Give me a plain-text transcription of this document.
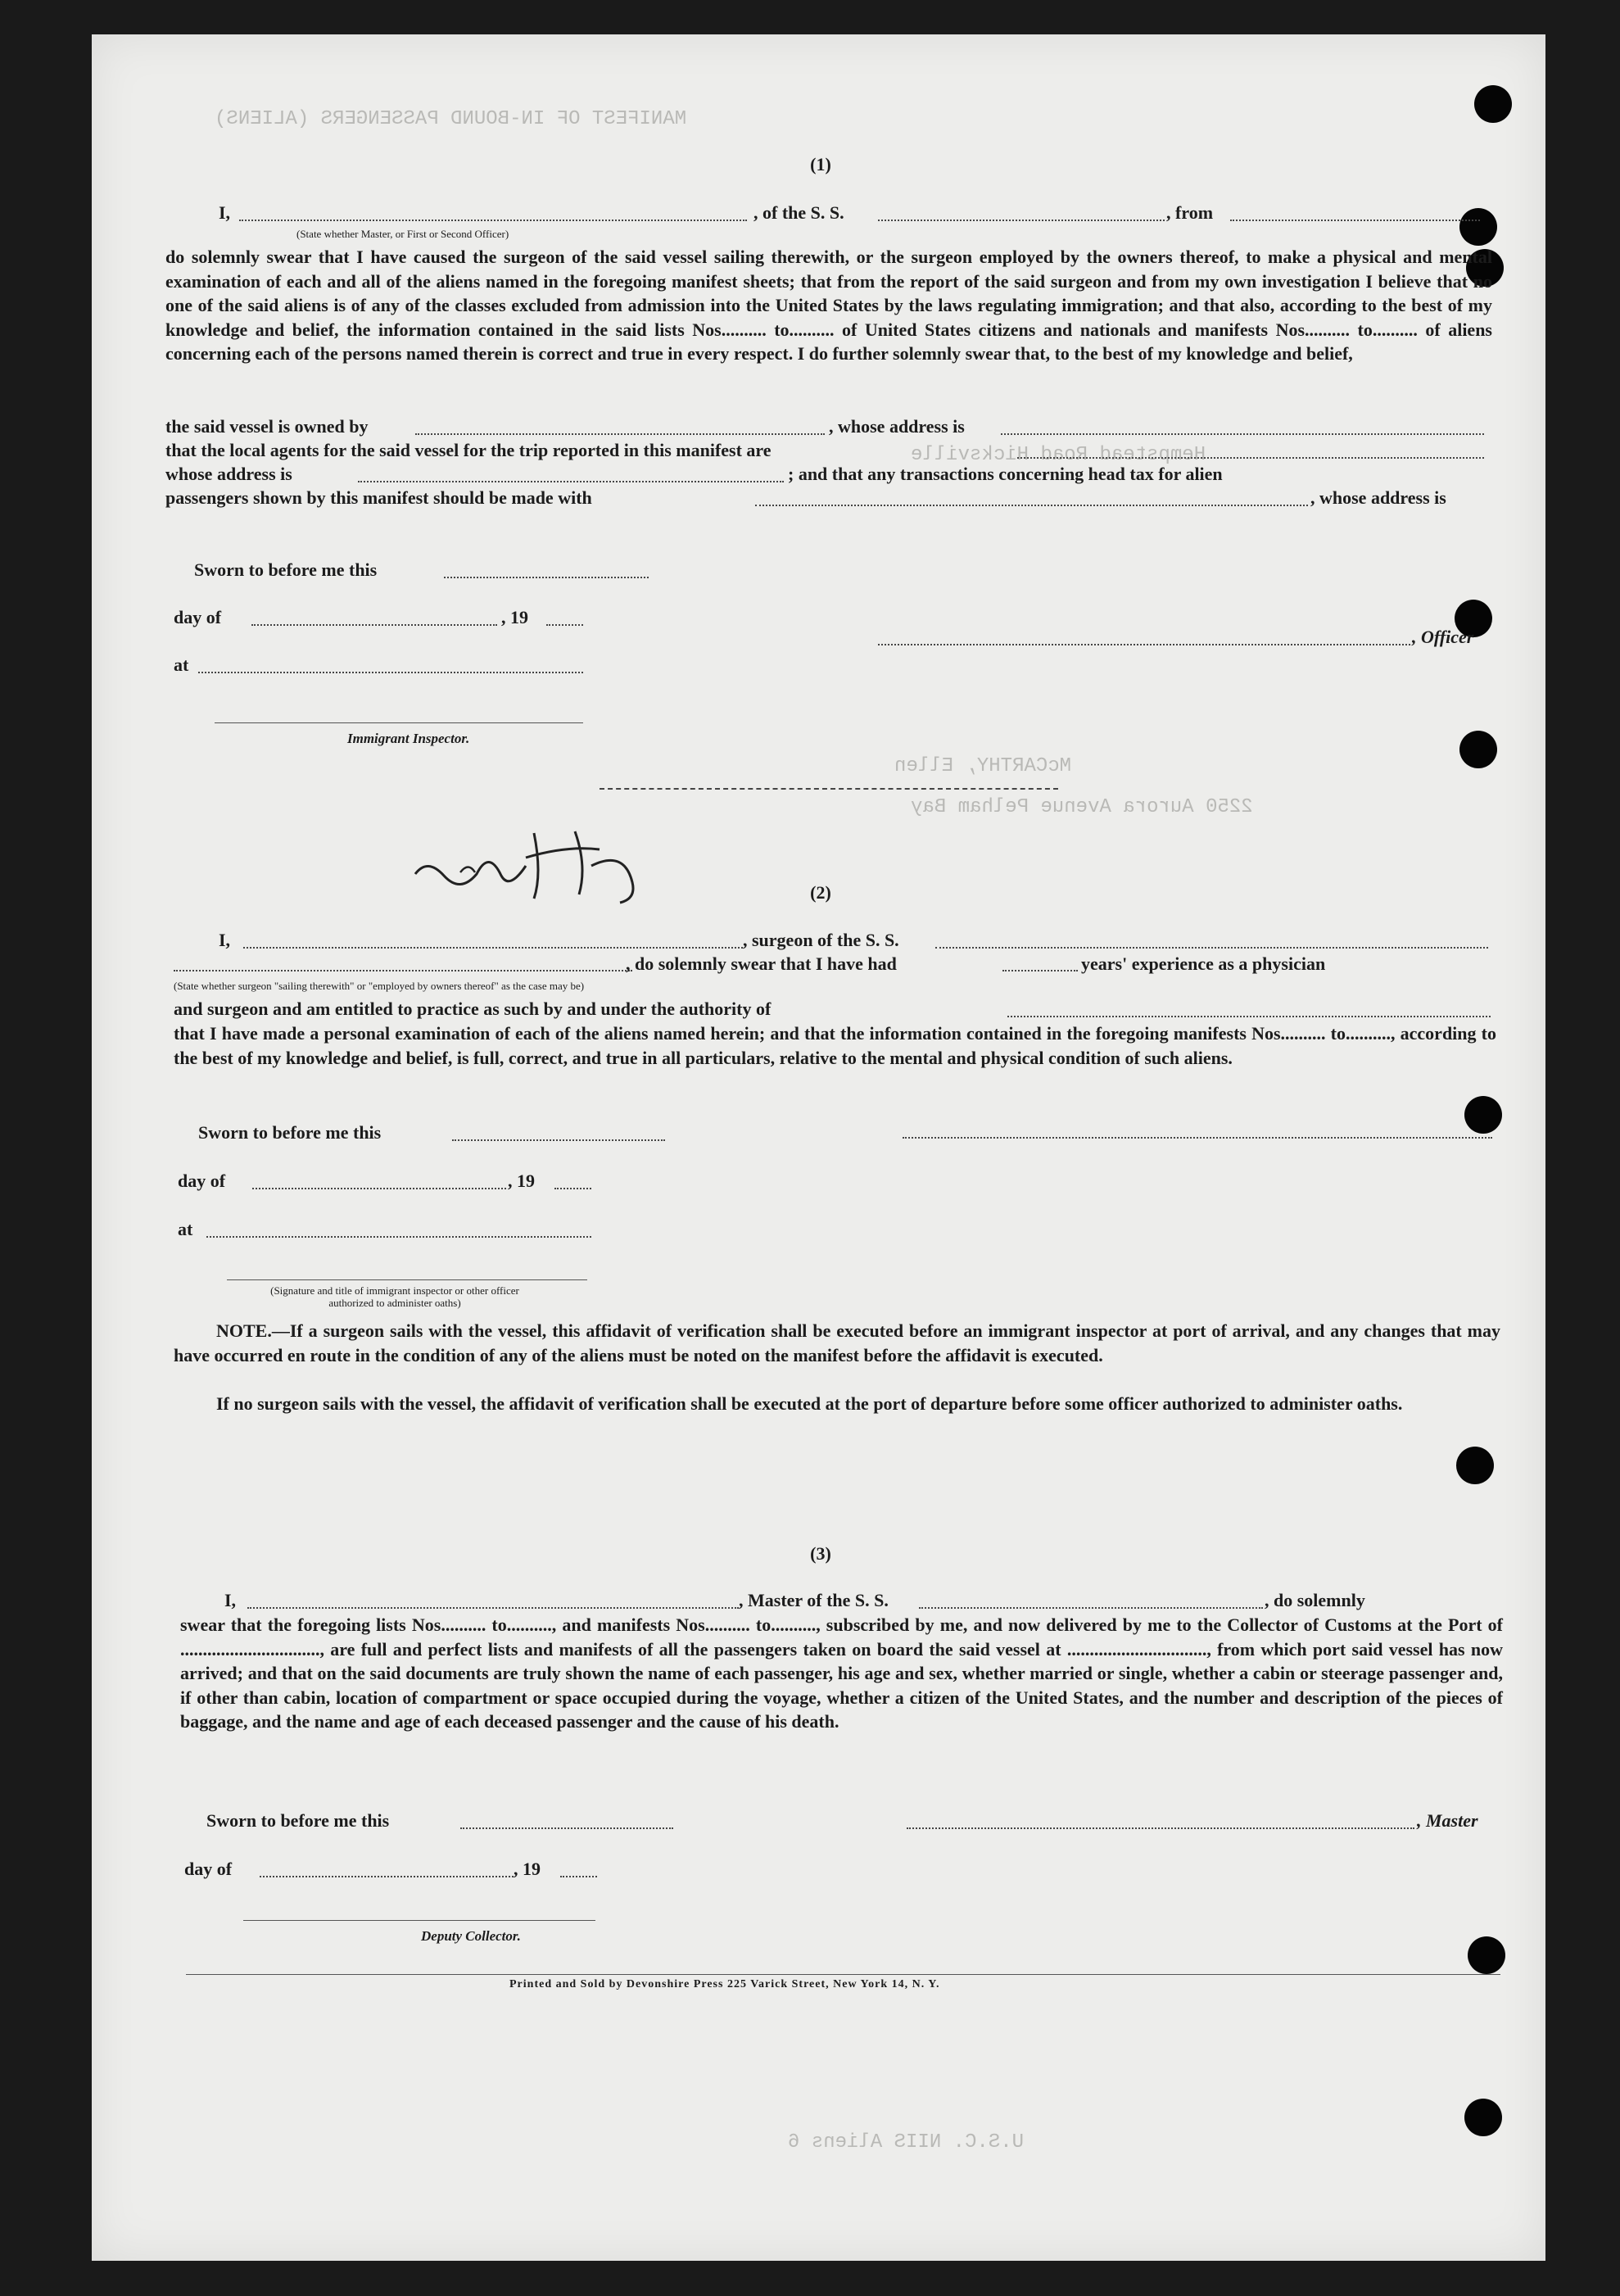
MANIFEST OF IN-BOUND PASSENGERS (ALIENS)
Hempstead Road Hicksville
McCARTHY, Ellen
2250 Aurora Avenue Pelham Bay
U.S.C. NIIS Aliens 6
(1)
I,
(State whether Master, or First or Second Officer)
, of the S. S.	, from
do solemnly swear that I have caused the surgeon of the said vessel sailing therewith, or the surgeon employed by the owners thereof, to make a physical and mental examination of each and all of the aliens named in the foregoing manifest sheets; that from the report of the said surgeon and from my own investigation I believe that no one of the said aliens is of any of the classes excluded from admission into the United States by the laws regulating immigration; and that also, according to the best of my knowledge and belief, the information contained in the said lists Nos.......... to.......... of United States citizens and nationals and manifests Nos.......... to.......... of aliens concerning each of the persons named therein is correct and true in every respect. I do further solemnly swear that, to the best of my knowledge and belief,
the said vessel is owned by	, whose address is
that the local agents for the said vessel for the trip reported in this manifest are
whose address is	; and that any transactions concerning head tax for alien
passengers shown by this manifest should be made with	, whose address is
Sworn to before me this
day of	, 19
at
, Officer
Immigrant Inspector.
(2)
I,	, surgeon of the S. S.
(State whether surgeon "sailing therewith" or "employed by owners thereof" as the case may be)
, do solemnly swear that I have had	years' experience as a physician
and surgeon and am entitled to practice as such by and under the authority of
that I have made a personal examination of each of the aliens named herein; and that the information contained in the foregoing manifests Nos.......... to.........., according to the best of my knowledge and belief, is full, correct, and true in all particulars, relative to the mental and physical condition of such aliens.
Sworn to before me this
day of	, 19
at
(Signature and title of immigrant inspector or other officer authorized to administer oaths)
NOTE.—If a surgeon sails with the vessel, this affidavit of verification shall be executed before an immigrant inspector at port of arrival, and any changes that may have occurred en route in the condition of any of the aliens must be noted on the manifest before the affidavit is executed.
If no surgeon sails with the vessel, the affidavit of verification shall be executed at the port of departure before some officer authorized to administer oaths.
(3)
I,	, Master of the S. S.	, do solemnly
swear that the foregoing lists Nos.......... to.........., and manifests Nos.......... to.........., subscribed by me, and now delivered by me to the Collector of Customs at the Port of ..............................., are full and perfect lists and manifests of all the passengers taken on board the said vessel at ..............................., from which port said vessel has now arrived; and that on the said documents are truly shown the name of each passenger, his age and sex, whether married or single, whether a cabin or steerage passenger and, if other than cabin, location of compartment or space occupied during the voyage, whether a citizen of the United States, and the number and description of the pieces of baggage, and the name and age of each deceased passenger and the cause of his death.
Sworn to before me this	, Master
day of	, 19
Deputy Collector.
Printed and Sold by Devonshire Press 225 Varick Street, New York 14, N. Y.
